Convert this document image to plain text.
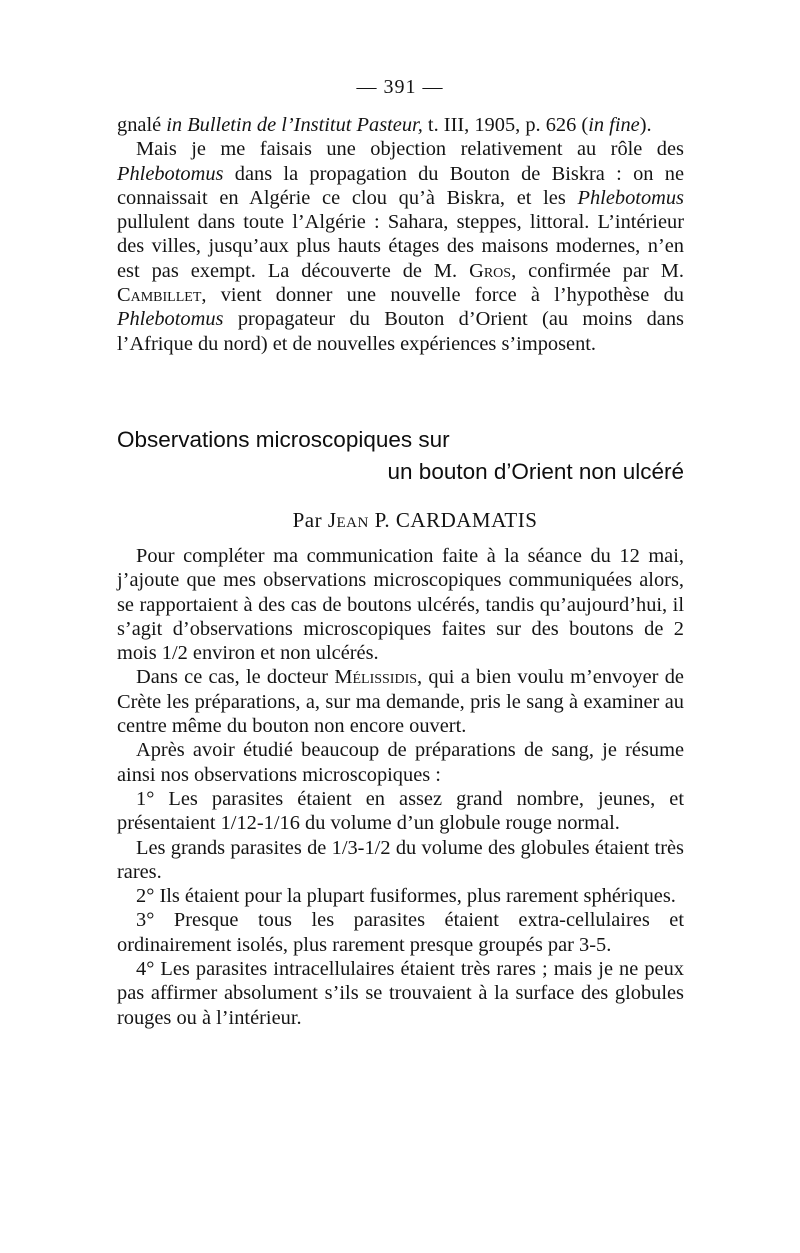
— 391 —

gnalé in Bulletin de l’Institut Pasteur, t. III, 1905, p. 626 (in fine).

Mais je me faisais une objection relativement au rôle des Phlebotomus dans la propagation du Bouton de Biskra : on ne connaissait en Algérie ce clou qu’à Biskra, et les Phlebotomus pullulent dans toute l’Algérie : Sahara, steppes, littoral. L’intérieur des villes, jusqu’aux plus hauts étages des maisons modernes, n’en est pas exempt. La découverte de M. Gros, confirmée par M. Cambillet, vient donner une nouvelle force à l’hypothèse du Phlebotomus propagateur du Bouton d’Orient (au moins dans l’Afrique du nord) et de nouvelles expériences s’imposent.

Observations microscopiques sur
un bouton d’Orient non ulcéré
Par Jean P. CARDAMATIS

Pour compléter ma communication faite à la séance du 12 mai, j’ajoute que mes observations microscopiques communiquées alors, se rapportaient à des cas de boutons ulcérés, tandis qu’aujourd’hui, il s’agit d’observations microscopiques faites sur des boutons de 2 mois 1/2 environ et non ulcérés.

Dans ce cas, le docteur Mélissidis, qui a bien voulu m’envoyer de Crète les préparations, a, sur ma demande, pris le sang à examiner au centre même du bouton non encore ouvert.

Après avoir étudié beaucoup de préparations de sang, je résume ainsi nos observations microscopiques :

1° Les parasites étaient en assez grand nombre, jeunes, et présentaient 1/12-1/16 du volume d’un globule rouge normal.

Les grands parasites de 1/3-1/2 du volume des globules étaient très rares.

2° Ils étaient pour la plupart fusiformes, plus rarement sphériques.

3° Presque tous les parasites étaient extra-cellulaires et ordinairement isolés, plus rarement presque groupés par 3-5.

4° Les parasites intracellulaires étaient très rares ; mais je ne peux pas affirmer absolument s’ils se trouvaient à la surface des globules rouges ou à l’intérieur.
